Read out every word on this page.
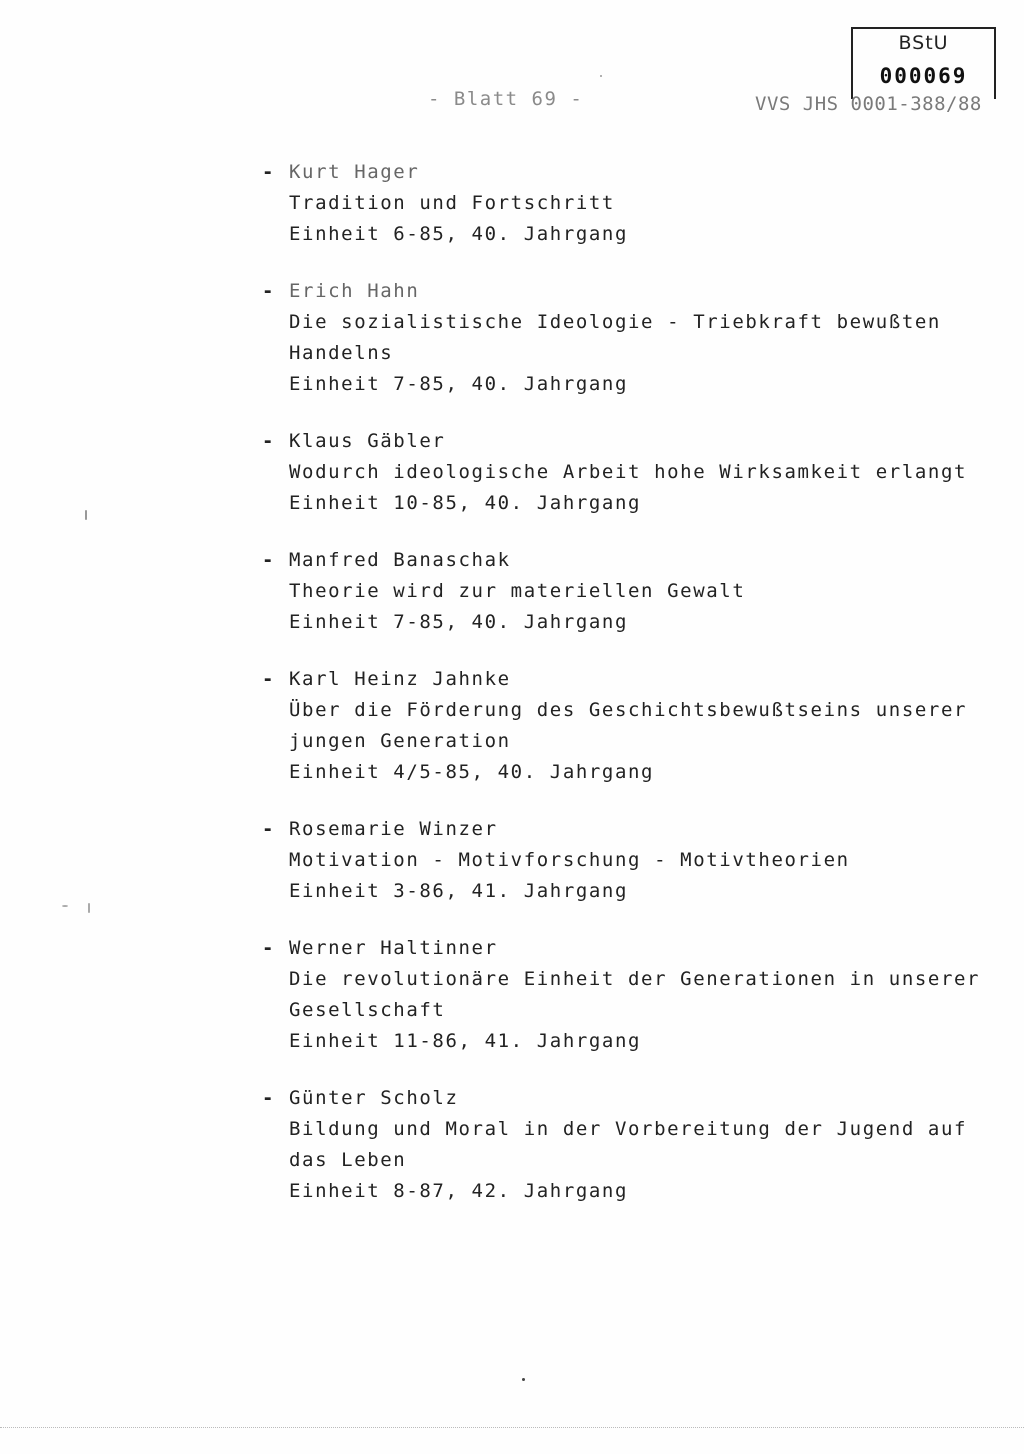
BStU
000069
- Blatt 69 -	VVS JHS 0001-388/88
- Kurt Hager
Tradition und Fortschritt
Einheit 6-85, 40. Jahrgang
- Erich Hahn
Die sozialistische Ideologie - Triebkraft bewußten
Handelns
Einheit 7-85, 40. Jahrgang
- Klaus Gäbler
Wodurch ideologische Arbeit hohe Wirksamkeit erlangt
Einheit 10-85, 40. Jahrgang
- Manfred Banaschak
Theorie wird zur materiellen Gewalt
Einheit 7-85, 40. Jahrgang
- Karl Heinz Jahnke
Über die Förderung des Geschichtsbewußtseins unserer
jungen Generation
Einheit 4/5-85, 40. Jahrgang
- Rosemarie Winzer
Motivation - Motivforschung - Motivtheorien
Einheit 3-86, 41. Jahrgang
- Werner Haltinner
Die revolutionäre Einheit der Generationen in unserer
Gesellschaft
Einheit 11-86, 41. Jahrgang
- Günter Scholz
Bildung und Moral in der Vorbereitung der Jugend auf
das Leben
Einheit 8-87, 42. Jahrgang
